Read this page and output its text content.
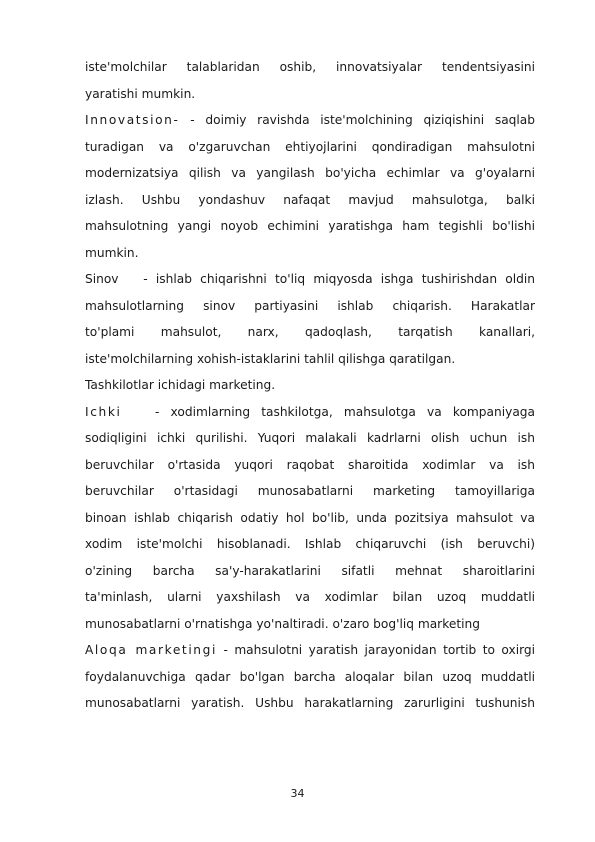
iste'molchilar talablaridan oshib, innovatsiyalar tendentsiyasini
yaratishi mumkin.
Innovatsion- - doimiy ravishda iste'molchining qiziqishini saqlab
turadigan va o'zgaruvchan ehtiyojlarini qondiradigan mahsulotni
modernizatsiya qilish va yangilash bo'yicha echimlar va g'oyalarni
izlash. Ushbu yondashuv nafaqat mavjud mahsulotga, balki
mahsulotning yangi noyob echimini yaratishga ham tegishli bo'lishi
mumkin.
Sinov - ishlab chiqarishni to'liq miqyosda ishga tushirishdan oldin
mahsulotlarning sinov partiyasini ishlab chiqarish. Harakatlar
to'plami mahsulot, narx, qadoqlash, tarqatish kanallari,
iste'molchilarning xohish-istaklarini tahlil qilishga qaratilgan.
Tashkilotlar ichidagi marketing.
Ichki	- xodimlarning tashkilotga, mahsulotga va kompaniyaga
sodiqligini ichki qurilishi. Yuqori malakali kadrlarni olish uchun ish
beruvchilar o'rtasida yuqori raqobat sharoitida xodimlar va ish
beruvchilar o'rtasidagi munosabatlarni marketing tamoyillariga
binoan ishlab chiqarish odatiy hol bo'lib, unda pozitsiya mahsulot va
xodim iste'molchi hisoblanadi. Ishlab chiqaruvchi (ish beruvchi)
o'zining barcha sa'y-harakatlarini sifatli mehnat sharoitlarini
ta'minlash, ularni yaxshilash va xodimlar bilan uzoq muddatli
munosabatlarni o'rnatishga yo'naltiradi. o'zaro bog'liq marketing
Aloqa marketingi - mahsulotni yaratish jarayonidan tortib to oxirgi
foydalanuvchiga qadar bo'lgan barcha aloqalar bilan uzoq muddatli
munosabatlarni yaratish. Ushbu harakatlarning zarurligini tushunish
34
